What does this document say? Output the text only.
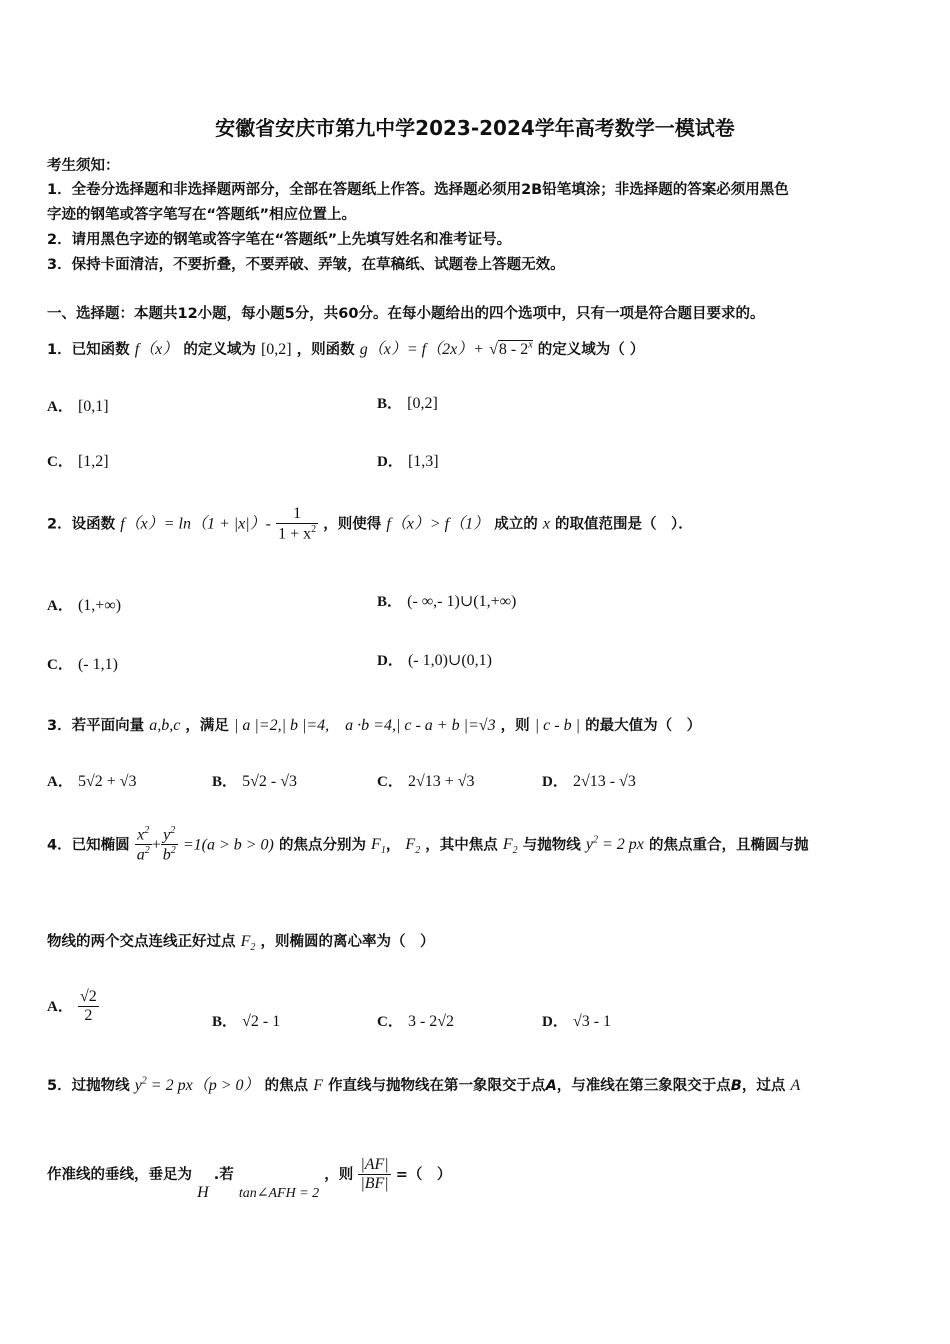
安徽省安庆市第九中学2023-2024学年高考数学一模试卷
考生须知：
1．全卷分选择题和非选择题两部分，全部在答题纸上作答。选择题必须用2B铅笔填涂；非选择题的答案必须用黑色
字迹的钢笔或答字笔写在“答题纸”相应位置上。
2．请用黑色字迹的钢笔或答字笔在“答题纸”上先填写姓名和准考证号。
3．保持卡面清洁，不要折叠，不要弄破、弄皱，在草稿纸、试题卷上答题无效。
一、选择题：本题共12小题，每小题5分，共60分。在每小题给出的四个选项中，只有一项是符合题目要求的。
1．已知函数 f（x） 的定义域为 [0,2] ，则函数 g（x）= f（2x）+ √8 - 2$^x$ 的定义域为（ ）
A． [0,1]	B． [0,2]
C． [1,2]	D． [1,3]
2．设函数 $f(x)= \ln(1 + |x|)- \frac{1}{1 + x^2}$ ，则使得 f（x）> f（1） 成立的 x 的取值范围是（　）．
A． (1,+∞)	B． (- ∞,- 1)∪(1,+∞)
C． (- 1,1)	D． (- 1,0)∪(0,1)
3．若平面向量 a,b,c ，满足 | a |=2,| b |=4,　a ·b =4,| c - a + b |=√3 ，则 | c - b | 的最大值为（　）
A． 5√2 + √3	B． 5√2 - √3	C． 2√13 + √3	D． 2√13 - √3
4．已知椭圆 $\frac{x^2}{a^2} + \frac{y^2}{b^2} =1(a > b > 0)$ 的焦点分别为 $F_1$， $F_2$ ，其中焦点 $F_2$ 与抛物线 $y^2 = 2$ px 的焦点重合，且椭圆与抛
物线的两个交点连线正好过点 $F_2$ ，则椭圆的离心率为（　）
A． $\frac{√2}{2}$	B． √2 - 1	C． 3 - 2√2	D． √3 - 1
5．过抛物线 $y^2 = 2$ px（p > 0） 的焦点 F 作直线与抛物线在第一象限交于点A，与准线在第三象限交于点B，过点 A
作准线的垂线，垂足为 H .若 tan∠AFH = 2 ，则 $\frac{|AF|}{|BF|}$ =（　）
